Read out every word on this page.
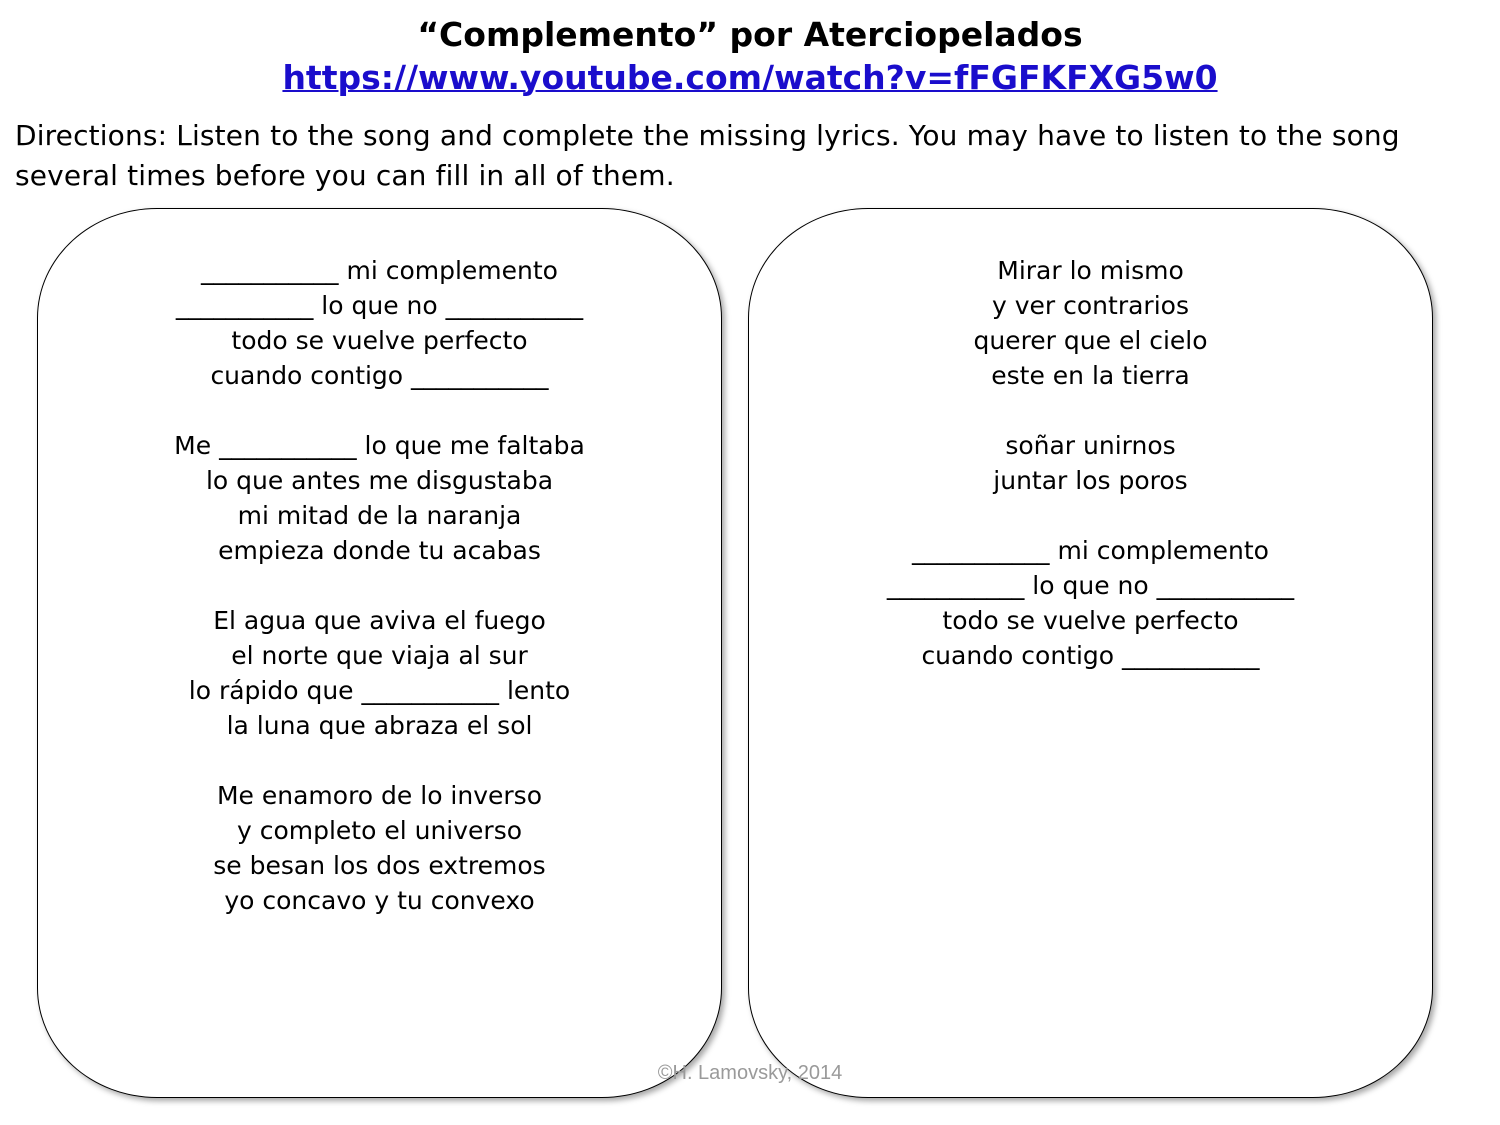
“Complemento” por Aterciopelados
https://www.youtube.com/watch?v=fFGFKFXG5w0
Directions: Listen to the song and complete the missing lyrics. You may have to listen to the song several times before you can fill in all of them.
___________ mi complemento
___________ lo que no ___________
todo se vuelve perfecto
cuando contigo ___________
Me ___________ lo que me faltaba
lo que antes me disgustaba
mi mitad de la naranja
empieza donde tu acabas
El agua que aviva el fuego
el norte que viaja al sur
lo rápido que ___________ lento
la luna que abraza el sol
Me enamoro de lo inverso
y completo el universo
se besan los dos extremos
yo concavo y tu convexo
Mirar lo mismo
y ver contrarios
querer que el cielo
este en la tierra
soñar unirnos
juntar los poros
___________ mi complemento
___________ lo que no ___________
todo se vuelve perfecto
cuando contigo ___________
©H. Lamovsky, 2014
